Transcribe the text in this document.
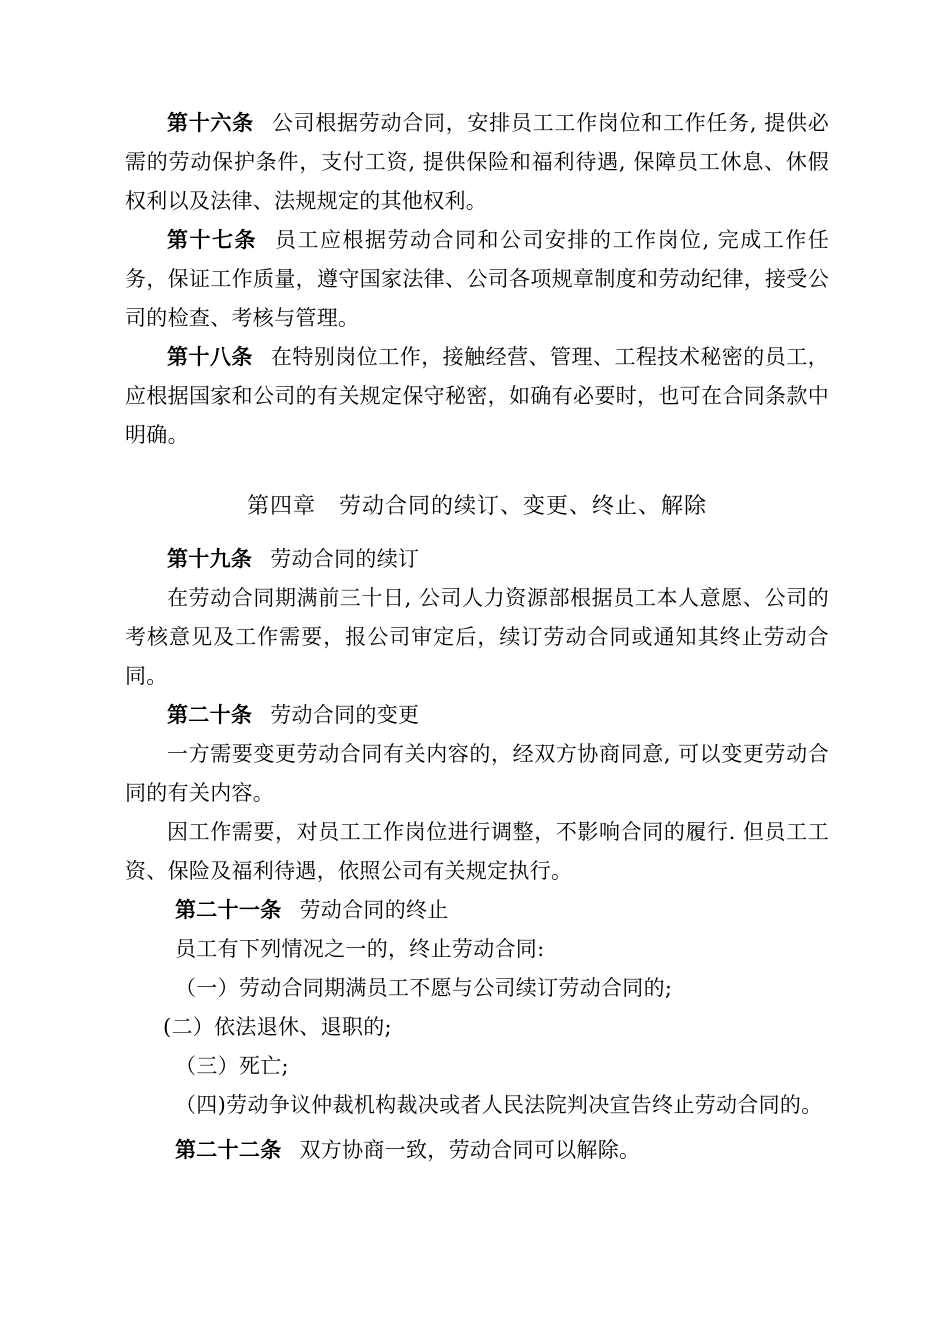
第十六条 公司根据劳动合同，安排员工工作岗位和工作任务, 提供必需的劳动保护条件，支付工资, 提供保险和福利待遇, 保障员工休息、休假权利以及法律、法规规定的其他权利。

第十七条 员工应根据劳动合同和公司安排的工作岗位, 完成工作任务，保证工作质量，遵守国家法律、公司各项规章制度和劳动纪律，接受公司的检查、考核与管理。

第十八条 在特别岗位工作，接触经营、管理、工程技术秘密的员工，应根据国家和公司的有关规定保守秘密，如确有必要时，也可在合同条款中明确。

第四章　劳动合同的续订、变更、终止、解除

第十九条 劳动合同的续订

在劳动合同期满前三十日, 公司人力资源部根据员工本人意愿、公司的考核意见及工作需要，报公司审定后，续订劳动合同或通知其终止劳动合同。

第二十条 劳动合同的变更

一方需要变更劳动合同有关内容的，经双方协商同意, 可以变更劳动合同的有关内容。

因工作需要，对员工工作岗位进行调整，不影响合同的履行. 但员工工资、保险及福利待遇，依照公司有关规定执行。

第二十一条 劳动合同的终止

员工有下列情况之一的，终止劳动合同:

（一）劳动合同期满员工不愿与公司续订劳动合同的;

(二）依法退休、退职的;

（三）死亡;

（四)劳动争议仲裁机构裁决或者人民法院判决宣告终止劳动合同的。

第二十二条 双方协商一致，劳动合同可以解除。
